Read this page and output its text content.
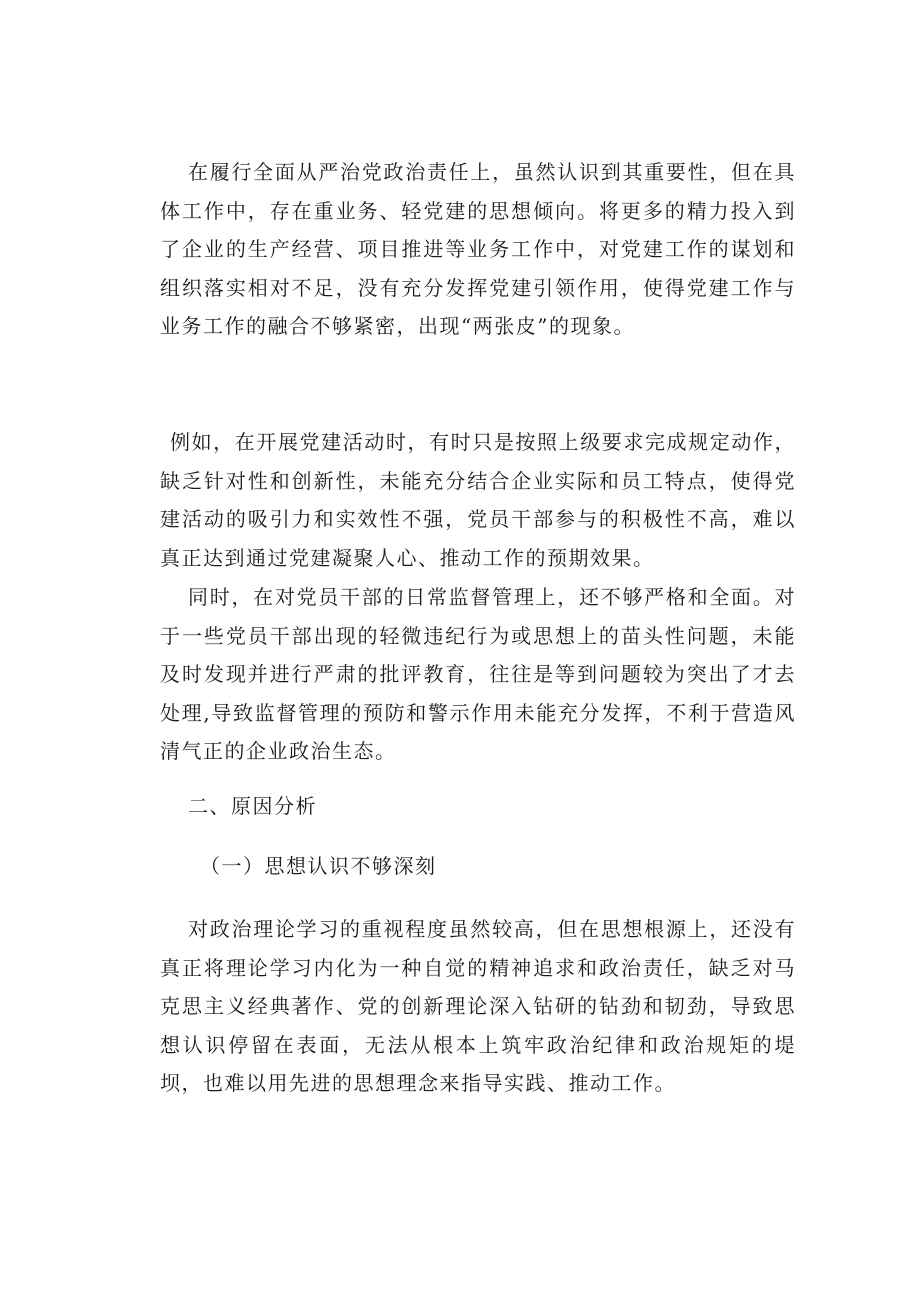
在履行全面从严治党政治责任上，虽然认识到其重要性，但在具体工作中，存在重业务、轻党建的思想倾向。将更多的精力投入到了企业的生产经营、项目推进等业务工作中，对党建工作的谋划和组织落实相对不足，没有充分发挥党建引领作用，使得党建工作与业务工作的融合不够紧密，出现“两张皮”的现象。

例如，在开展党建活动时，有时只是按照上级要求完成规定动作，缺乏针对性和创新性，未能充分结合企业实际和员工特点，使得党建活动的吸引力和实效性不强，党员干部参与的积极性不高，难以真正达到通过党建凝聚人心、推动工作的预期效果。

同时，在对党员干部的日常监督管理上，还不够严格和全面。对于一些党员干部出现的轻微违纪行为或思想上的苗头性问题，未能及时发现并进行严肃的批评教育，往往是等到问题较为突出了才去处理,导致监督管理的预防和警示作用未能充分发挥，不利于营造风清气正的企业政治生态。

二、原因分析

（一）思想认识不够深刻

对政治理论学习的重视程度虽然较高，但在思想根源上，还没有真正将理论学习内化为一种自觉的精神追求和政治责任，缺乏对马克思主义经典著作、党的创新理论深入钻研的钻劲和韧劲，导致思想认识停留在表面，无法从根本上筑牢政治纪律和政治规矩的堤坝，也难以用先进的思想理念来指导实践、推动工作。
